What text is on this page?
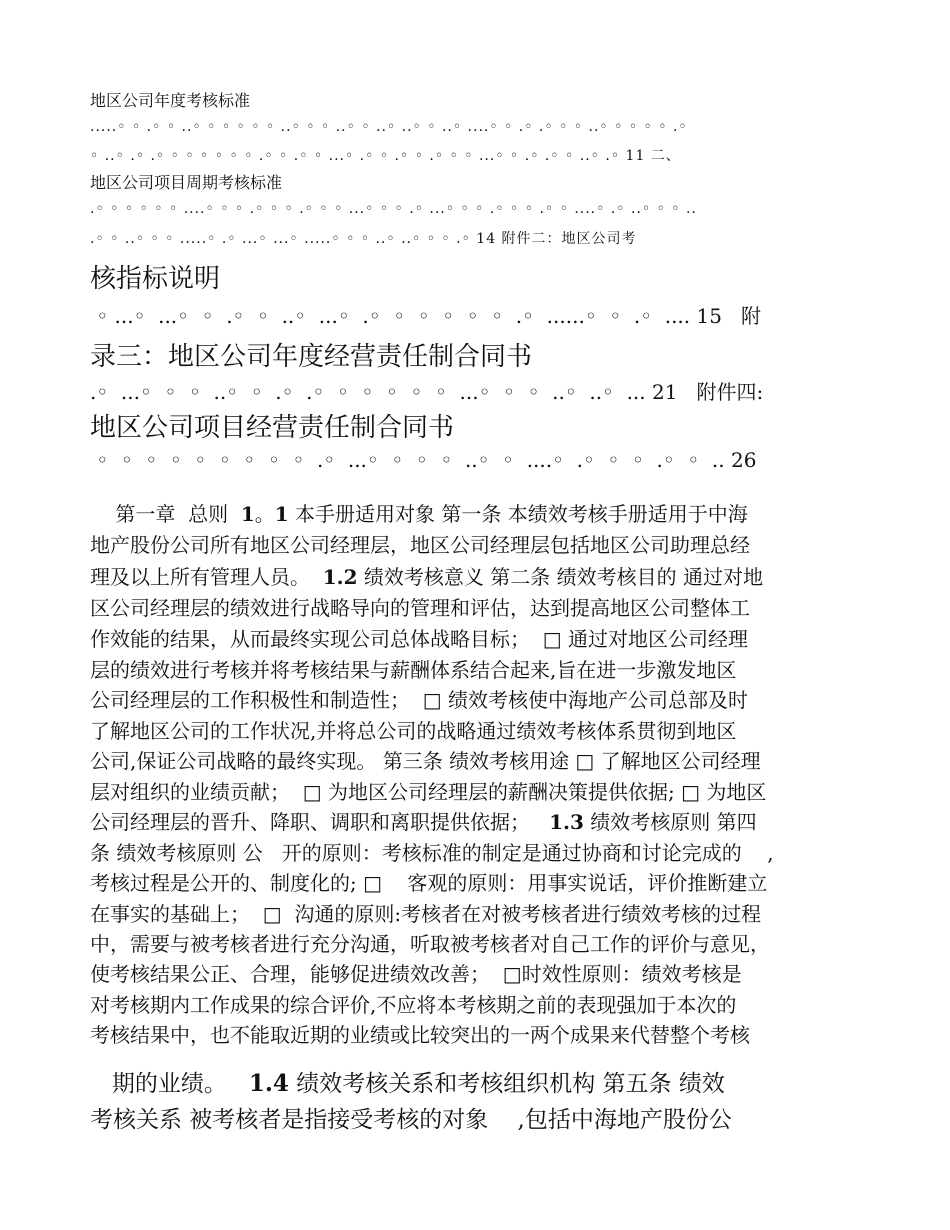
地区公司年度考核标准
.....◦ ◦ .◦ ◦ ..◦ ◦ ◦ ◦ ◦ ◦ ..◦ ◦ ◦ ..◦ ◦ ..◦ ..◦ ◦ ..◦ ....◦ ◦ .◦ .◦ ◦ ◦ ..◦ ◦ ◦ ◦ ◦ .◦
◦ ..◦ .◦ .◦ ◦ ◦ ◦ ◦ ◦ ◦ .◦ ◦ .◦ ◦ ...◦ .◦ ◦ .◦ ◦ .◦ ◦ ◦ ...◦ ◦ .◦ .◦ ◦ ..◦ .◦ 11 二、
地区公司项目周期考核标准
.◦ ◦ ◦ ◦ ◦ ◦ ....◦ ◦ ◦ .◦ ◦ ◦ .◦ ◦ ◦ ...◦ ◦ ◦ .◦ ...◦ ◦ ◦ .◦ ◦ ◦ .◦ ◦ ....◦ .◦ ..◦ ◦ ◦ ..
.◦ ◦ ..◦ ◦ ◦ .....◦ .◦ ...◦ ...◦ .....◦ ◦ ◦ ..◦ ..◦ ◦ ◦ .◦ 14 附件二：地区公司考
核指标说明
◦ ...◦  ...◦  ◦  .◦  ◦  ..◦  ...◦  .◦  ◦  ◦  ◦  ◦  ◦  .◦  ......◦  ◦  .◦  .... 15   附
录三：地区公司年度经营责任制合同书
.◦  ...◦  ◦  ◦  ..◦  ◦  .◦  .◦  ◦  ◦  ◦  ◦  ◦  ...◦  ◦  ◦  ..◦  ..◦  ... 21   附件四:
地区公司项目经营责任制合同书
◦  ◦  ◦  ◦  ◦  ◦  ◦  ◦  ◦  .◦  ...◦  ◦  ◦  ◦  ..◦  ◦  ....◦  .◦  ◦  ◦  .◦  ◦  .. 26
第一章  总则  1。1 本手册适用对象 第一条 本绩效考核手册适用于中海
地产股份公司所有地区公司经理层，地区公司经理层包括地区公司助理总经
理及以上所有管理人员。  1.2 绩效考核意义 第二条 绩效考核目的 通过对地
区公司经理层的绩效进行战略导向的管理和评估，达到提高地区公司整体工
作效能的结果，从而最终实现公司总体战略目标；  □ 通过对地区公司经理
层的绩效进行考核并将考核结果与薪酬体系结合起来,旨在进一步激发地区
公司经理层的工作积极性和制造性；  □ 绩效考核使中海地产公司总部及时
了解地区公司的工作状况,并将总公司的战略通过绩效考核体系贯彻到地区
公司,保证公司战略的最终实现。 第三条 绩效考核用途 □ 了解地区公司经理
层对组织的业绩贡献；  □ 为地区公司经理层的薪酬决策提供依据; □ 为地区
公司经理层的晋升、降职、调职和离职提供依据；   1.3 绩效考核原则 第四
条 绩效考核原则 公   开的原则：考核标准的制定是通过协商和讨论完成的    ,
考核过程是公开的、制度化的; □    客观的原则：用事实说话，评价推断建立
在事实的基础上；  □  沟通的原则:考核者在对被考核者进行绩效考核的过程
中，需要与被考核者进行充分沟通，听取被考核者对自己工作的评价与意见，
使考核结果公正、合理，能够促进绩效改善；  □时效性原则：绩效考核是
对考核期内工作成果的综合评价,不应将本考核期之前的表现强加于本次的
考核结果中，也不能取近期的业绩或比较突出的一两个成果来代替整个考核
期的业绩。   1.4 绩效考核关系和考核组织机构 第五条 绩效
考核关系 被考核者是指接受考核的对象    ,包括中海地产股份公
